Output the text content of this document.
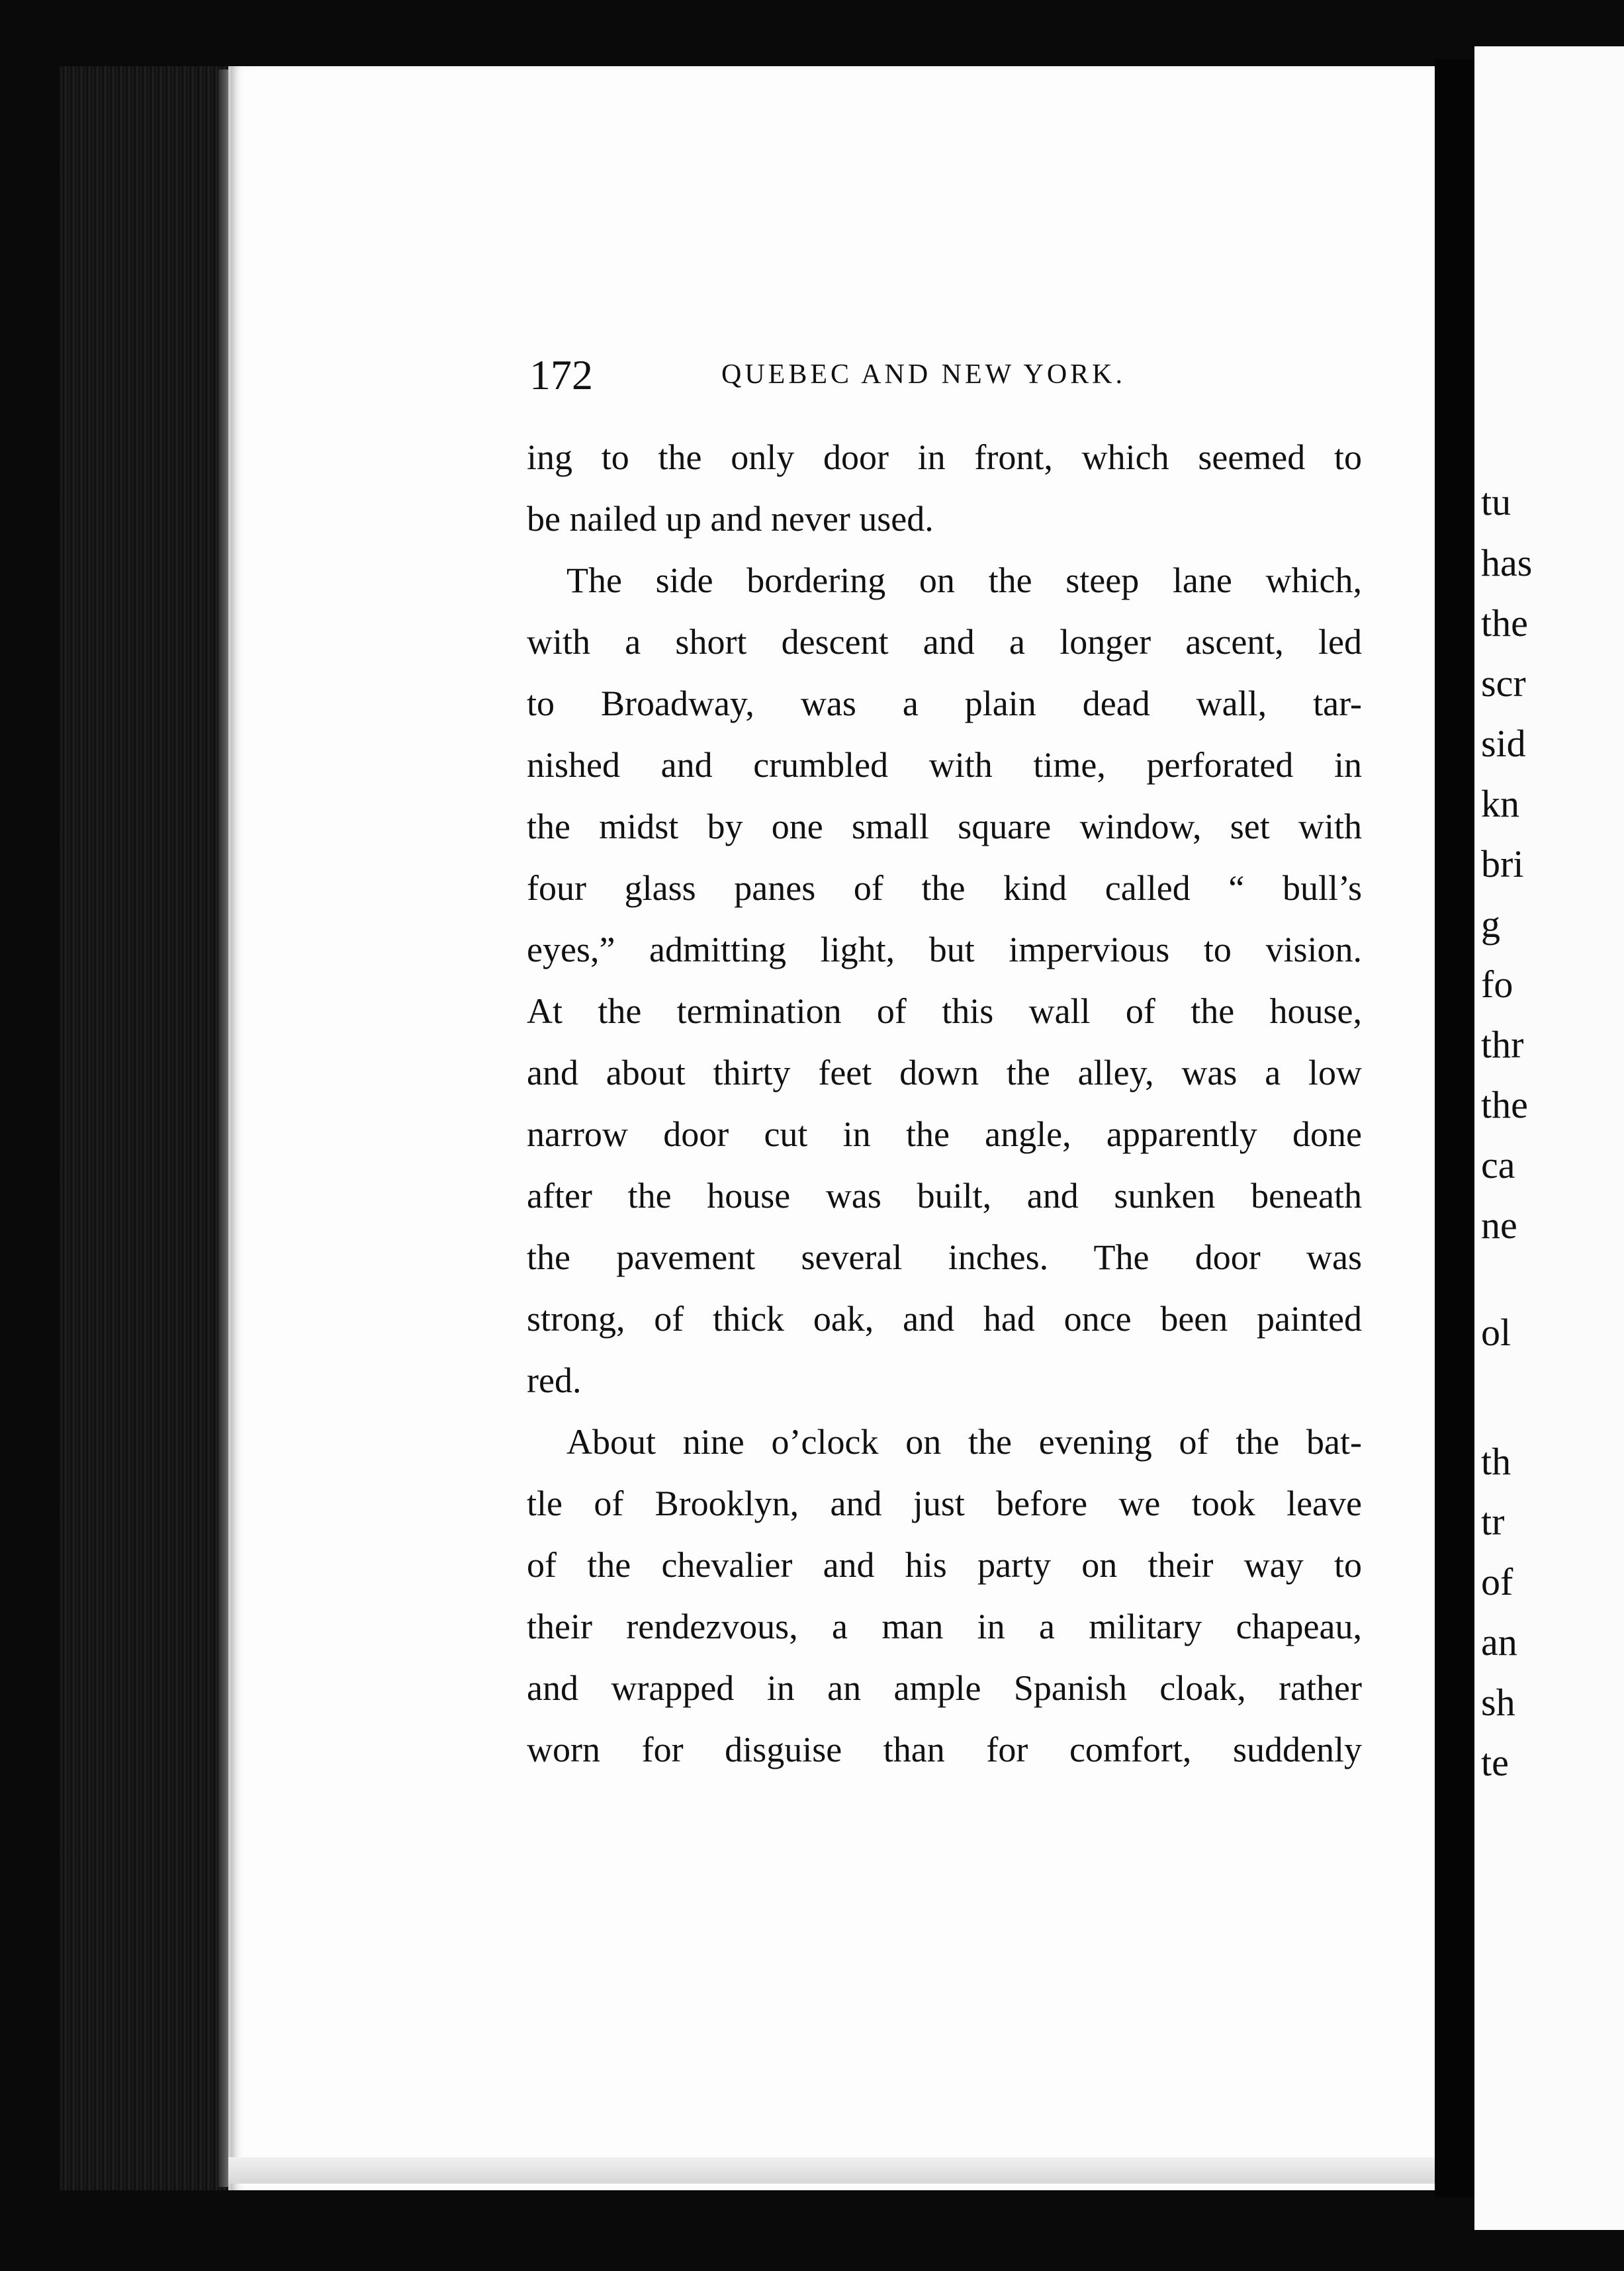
tu
has
the
scr
sid
kn
bri
g
fo
thr
the
ca
ne
ol
th
tr
of
an
sh
te
172	QUEBEC AND NEW YORK.
ing to the only door in front, which seemed to
be nailed up and never used.
The side bordering on the steep lane which,
with a short descent and a longer ascent, led
to Broadway, was a plain dead wall, tar-
nished and crumbled with time, perforated in
the midst by one small square window, set with
four glass panes of the kind called “ bull’s
eyes,” admitting light, but impervious to vision.
At the termination of this wall of the house,
and about thirty feet down the alley, was a low
narrow door cut in the angle, apparently done
after the house was built, and sunken beneath
the pavement several inches. The door was
strong, of thick oak, and had once been painted
red.
About nine o’clock on the evening of the bat-
tle of Brooklyn, and just before we took leave
of the chevalier and his party on their way to
their rendezvous, a man in a military chapeau,
and wrapped in an ample Spanish cloak, rather
worn for disguise than for comfort, suddenly
